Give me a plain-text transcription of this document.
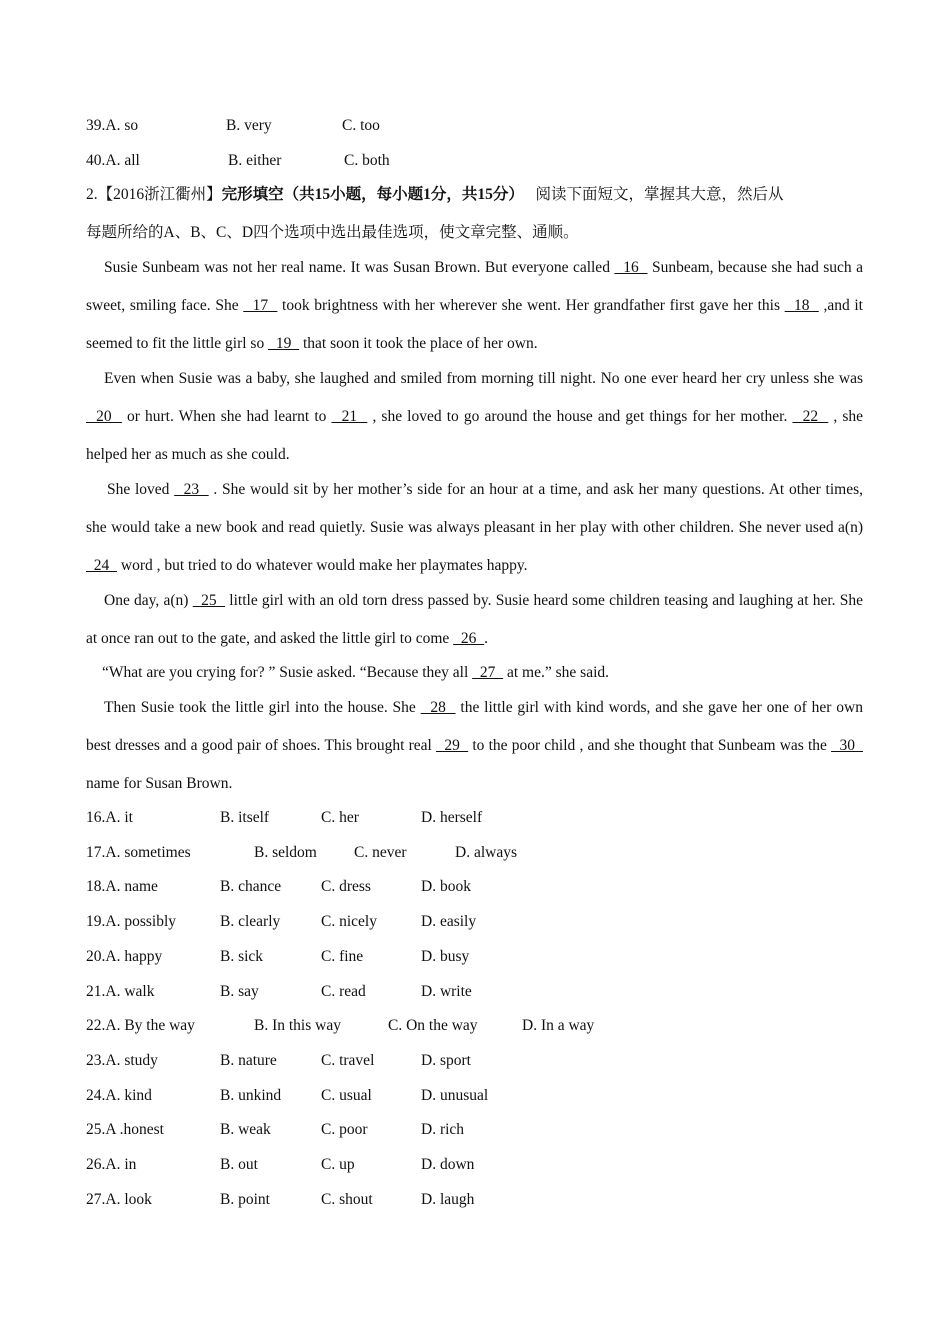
39.A. so	B. very	C. too
40.A. all	B. either	C. both

2.【2016浙江衢州】完形填空（共15小题，每小题1分，共15分） 阅读下面短文，掌握其大意，然后从
每题所给的A、B、C、D四个选项中选出最佳选项，使文章完整、通顺。

Susie Sunbeam was not her real name. It was Susan Brown. But everyone called   16   Sunbeam, because she had such a sweet, smiling face. She   17   took brightness with her wherever she went. Her grandfather first gave her this   18   ,and it seemed to fit the little girl so   19   that soon it took the place of her own.

Even when Susie was a baby, she laughed and smiled from morning till night. No one ever heard her cry unless she was   20   or hurt. When she had learnt to   21   , she loved to go around the house and get things for her mother.   22   , she helped her as much as she could.

She loved   23   . She would sit by her mother’s side for an hour at a time, and ask her many questions. At other times, she would take a new book and read quietly. Susie was always pleasant in her play with other children. She never used a(n)   24   word , but tried to do whatever would make her playmates happy.

One day, a(n)   25   little girl with an old torn dress passed by. Susie heard some children teasing and laughing at her. She at once ran out to the gate, and asked the little girl to come   26  .

“What are you crying for? ” Susie asked. “Because they all   27   at me.” she said.

Then Susie took the little girl into the house. She   28   the little girl with kind words, and she gave her one of her own best dresses and a good pair of shoes. This brought real   29   to the poor child , and she thought that Sunbeam was the   30   name for Susan Brown.

16.A. it	B. itself	C. her	D. herself
17.A. sometimes	B. seldom C. never	D. always
18.A. name	B. chance	C. dress	D. book
19.A. possibly	B. clearly	C. nicely	D. easily
20.A. happy	B. sick	C. fine	D. busy
21.A. walk	B. say	C. read	D. write
22.A. By the way	B. In this way	C. On the way	D. In a way
23.A. study	B. nature	C. travel	D. sport
24.A. kind	B. unkind	C. usual	D. unusual
25.A .honest	B. weak	C. poor	D. rich
26.A. in	B. out	C. up	D. down
27.A. look	B. point	C. shout	D. laugh
